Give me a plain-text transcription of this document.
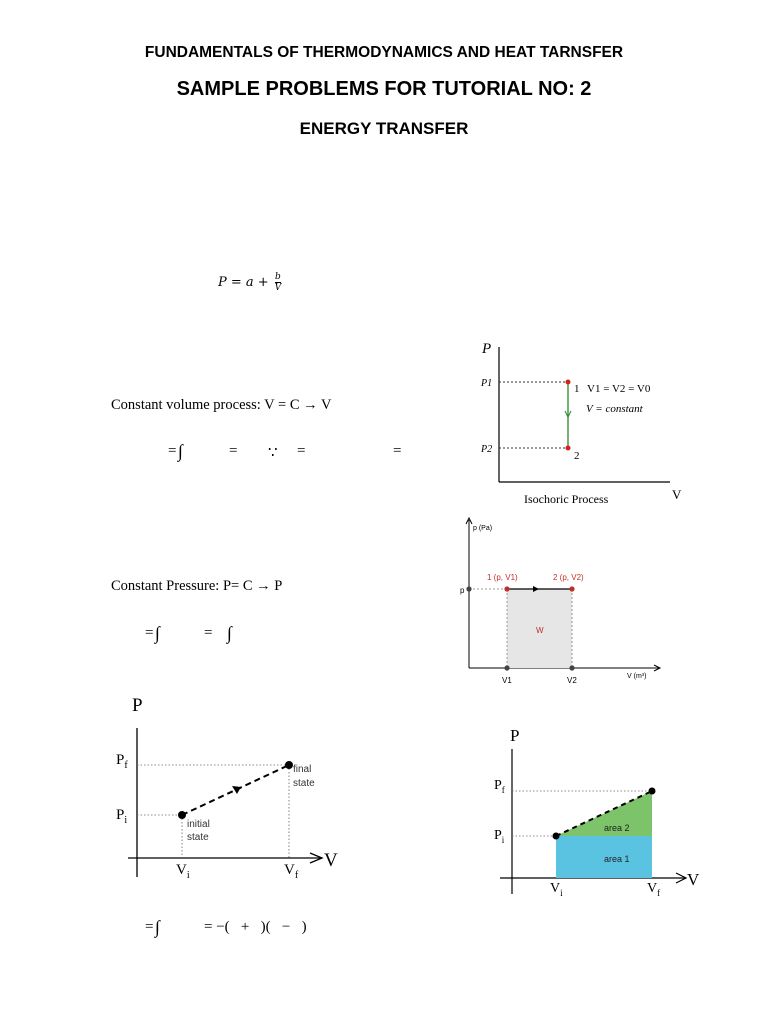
FUNDAMENTALS OF THERMODYNAMICS AND HEAT TARNSFER
SAMPLE PROBLEMS FOR TUTORIAL NO: 2
ENERGY TRANSFER
$P = a + \frac{b}{V}$
Constant volume process: V = C → V
= ∫	= ∵ =	=
Constant Pressure: P= C → P
= ∫	= ∫
= ∫	= −(   +   )(   −   )
P
V
P1
P2
1
2
V1 = V2 = V0
V = constant
Isochoric Process
p (Pa)
V (m³)
1 (p, V1)	2 (p, V2)
p
V1	V2
W
P
V
$P_f$
$P_i$
$V_i$	$V_f$
final
state
initial
state
P
V
area 2
area 1
$P_f$
$P_i$
$V_i$	$V_f$
